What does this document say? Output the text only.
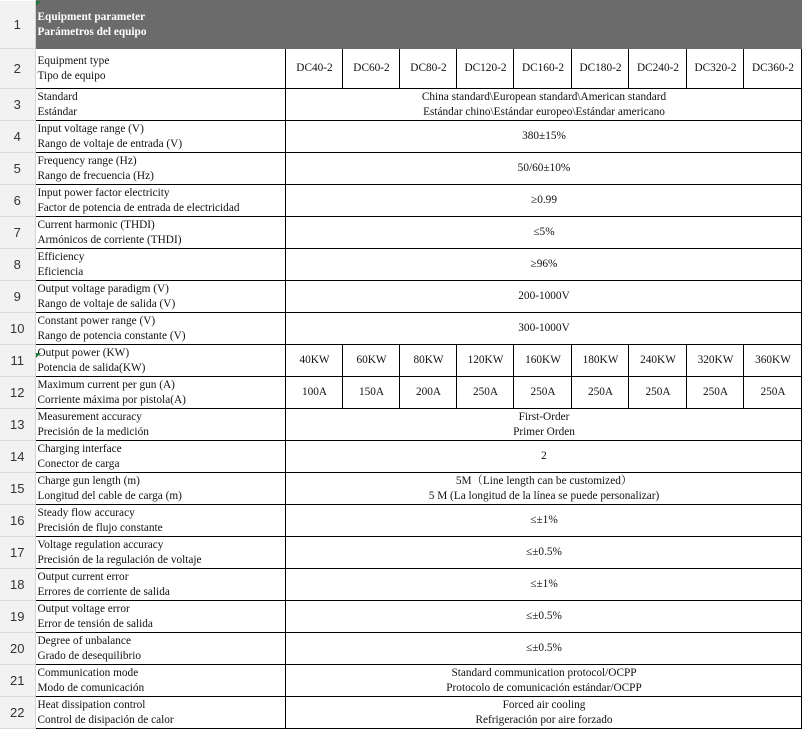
1	Equipment parameter
Parámetros del equipo									

2	Equipment type
Tipo de equipo	DC40-2	DC60-2	DC80-2	DC120-2	DC160-2	DC180-2	DC240-2	DC320-2	DC360-2
3	Standard
Estándar	China standard\European standard\American standard
Estándar chino\Estándar europeo\Estándar americano								

4	Input voltage range (V)
Rango de voltaje de entrada (V)	380±15%								

5	Frequency range (Hz)
Rango de frecuencia (Hz)	50/60±10%								

6	Input power factor electricity
Factor de potencia de entrada de electricidad	≥0.99								

7	Current harmonic (THDI)
Armónicos de corriente (THDI)	≤5%								

8	Efficiency
Eficiencia	≥96%								

9	Output voltage paradigm (V)
Rango de voltaje de salida (V)	200-1000V								

10	Constant power range (V)
Rango de potencia constante (V)	300-1000V								

11	Output power (KW)
Potencia de salida(KW)	40KW	60KW	80KW	120KW	160KW	180KW	240KW	320KW	360KW
12	Maximum current per gun (A)
Corriente máxima por pistola(A)	100A	150A	200A	250A	250A	250A	250A	250A	250A
13	Measurement accuracy
Precisión de la medición	First-Order
Primer Orden								

14	Charging interface
Conector de carga	2								

15	Charge gun length (m)
Longitud del cable de carga (m)	5M（Line length can be customized）
5 M (La longitud de la línea se puede personalizar)								

16	Steady flow accuracy
Precisión de flujo constante	≤±1%								

17	Voltage regulation accuracy
Precisión de la regulación de voltaje	≤±0.5%								

18	Output current error
Errores de corriente de salida	≤±1%								

19	Output voltage error
Error de tensión de salida	≤±0.5%								

20	Degree of unbalance
Grado de desequilibrio	≤±0.5%								

21	Communication mode
Modo de comunicación	Standard communication protocol/OCPP
Protocolo de comunicación estándar/OCPP								

22	Heat dissipation control
Control de disipación de calor	Forced air cooling
Refrigeración por aire forzado								
